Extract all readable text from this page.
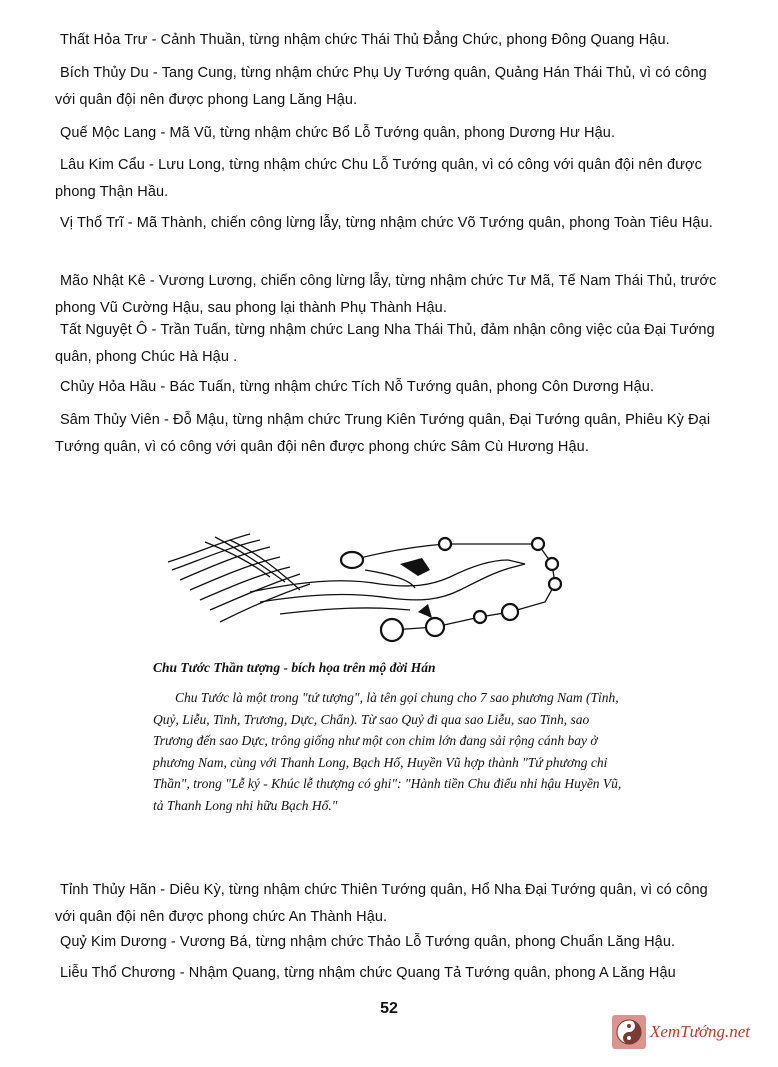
Thất Hỏa Trư - Cảnh Thuần, từng nhậm chức Thái Thủ Đẳng Chức, phong Đông Quang Hậu.

Bích Thủy Du - Tang Cung, từng nhậm chức Phụ Uy Tướng quân, Quảng Hán Thái Thủ, vì có công với quân đội nên được phong Lang Lăng Hậu.

Quế Mộc Lang - Mã Vũ, từng nhậm chức Bổ Lỗ Tướng quân, phong Dương Hư Hậu.

Lâu Kim Cẩu - Lưu Long, từng nhậm chức Chu Lỗ Tướng quân, vì có công với quân đội nên được phong Thận Hầu.

Vị Thổ Trĩ - Mã Thành, chiến công lừng lẫy, từng nhậm chức Võ Tướng quân, phong Toàn Tiêu Hậu.

Mão Nhật Kê - Vương Lương, chiến công lừng lẫy, từng nhậm chức Tư Mã, Tế Nam Thái Thủ, trước phong Vũ Cường Hậu, sau phong lại thành Phụ Thành Hậu.

Tất Nguyệt Ô - Trần Tuấn, từng nhậm chức Lang Nha Thái Thủ, đảm nhận công việc của Đại Tướng quân, phong Chúc Hà Hậu .

Chủy Hỏa Hầu - Bác Tuấn, từng nhậm chức Tích Nỗ Tướng quân, phong Côn Dương Hậu.

Sâm Thủy Viên - Đỗ Mậu, từng nhậm chức Trung Kiên Tướng quân, Đại Tướng quân, Phiêu Kỳ Đại Tướng quân, vì có công với quân đội nên được phong chức Sâm Cù Hương Hậu.

Chu Tước Thần tượng - bích họa trên mộ đời Hán

Chu Tước là một trong "tứ tượng", là tên gọi chung cho 7 sao phương Nam (Tỉnh, Quỷ, Liễu, Tinh, Trương, Dực, Chẩn). Từ sao Quỷ đi qua sao Liễu, sao Tinh, sao Trương đến sao Dực, trông giống như một con chim lớn đang sải rộng cánh bay ở phương Nam, cùng với Thanh Long, Bạch Hổ, Huyền Vũ hợp thành "Tứ phương chi Thần", trong "Lễ ký - Khúc lễ thượng có ghi": "Hành tiền Chu điểu nhi hậu Huyền Vũ, tả Thanh Long nhi hữu Bạch Hổ."

Tỉnh Thủy Hãn - Diêu Kỳ, từng nhậm chức Thiên Tướng quân, Hổ Nha Đại Tướng quân, vì có công với quân đội nên được phong chức An Thành Hậu.

Quỷ Kim Dương - Vương Bá, từng nhậm chức Thảo Lỗ Tướng quân, phong Chuẩn Lăng Hậu.

Liễu Thổ Chương - Nhậm Quang, từng nhậm chức Quang Tả Tướng quân, phong A Lăng Hậu

52

XemTướng.net
